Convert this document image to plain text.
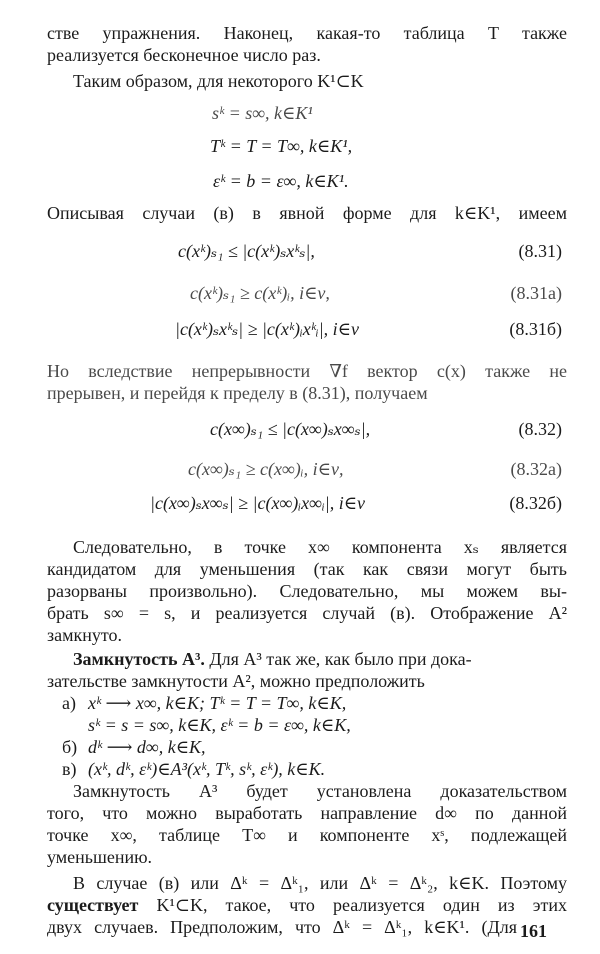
стве упражнения. Наконец, какая-то таблица T также
реализуется бесконечное число раз.
Таким образом, для некоторого K¹⊂K
sᵏ = s∞, k∈K¹
Tᵏ = T = T∞, k∈K¹,
εᵏ = b = ε∞, k∈K¹.
Описывая случаи (в) в явной форме для k∈K¹, имеем
c(xᵏ)ₛ₁ ≤ |c(xᵏ)ₛxᵏₛ|,	(8.31)
c(xᵏ)ₛ₁ ≥ c(xᵏ)ᵢ, i∈ν,	(8.31а)
|c(xᵏ)ₛxᵏₛ| ≥ |c(xᵏ)ᵢxᵏᵢ|, i∈ν	(8.31б)
Но вследствие непрерывности ∇f вектор c(x) также не
прерывен, и перейдя к пределу в (8.31), получаем
c(x∞)ₛ₁ ≤ |c(x∞)ₛx∞ₛ|,	(8.32)
c(x∞)ₛ₁ ≥ c(x∞)ᵢ, i∈ν,	(8.32а)
|c(x∞)ₛx∞ₛ| ≥ |c(x∞)ᵢx∞ᵢ|, i∈ν	(8.32б)
Следовательно, в точке x∞ компонента xₛ является
кандидатом для уменьшения (так как связи могут быть
разорваны произвольно). Следовательно, мы можем вы-
брать s∞ = s, и реализуется случай (в). Отображение A²
замкнуто.
Замкнутость A³. Для A³ так же, как было при дока-
зательстве замкнутости A², можно предположить
а) xᵏ ⟶ x∞, k∈K; Tᵏ = T = T∞, k∈K,
sᵏ = s = s∞, k∈K, εᵏ = b = ε∞, k∈K,
б) dᵏ ⟶ d∞, k∈K,
в) (xᵏ, dᵏ, εᵏ)∈A³(xᵏ, Tᵏ, sᵏ, εᵏ), k∈K.
Замкнутость A³ будет установлена доказательством
того, что можно выработать направление d∞ по данной
точке x∞, таблице T∞ и компоненте xˢ, подлежащей
уменьшению.
В случае (в) или Δᵏ = Δᵏ₁, или Δᵏ = Δᵏ₂, k∈K. Поэтому
существует K¹⊂K, такое, что реализуется один из этих
двух случаев. Предположим, что Δᵏ = Δᵏ₁, k∈K¹. (Для 161
